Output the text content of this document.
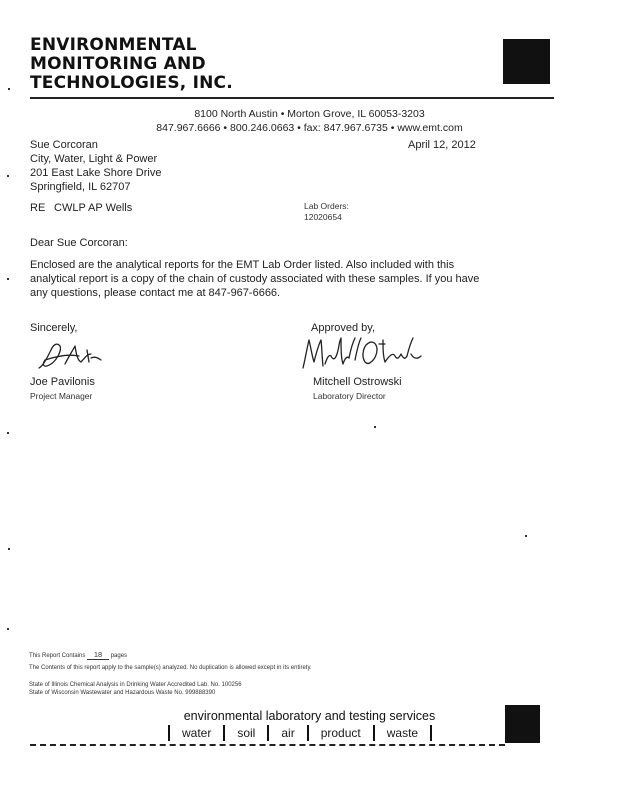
ENVIRONMENTAL
MONITORING AND
TECHNOLOGIES, INC.
8100 North Austin • Morton Grove, IL 60053-3203
847.967.6666 • 800.246.0663 • fax: 847.967.6735 • www.emt.com
Sue Corcoran
City, Water, Light & Power
201 East Lake Shore Drive
Springfield, IL 62707
April 12, 2012
RE CWLP AP Wells	Lab Orders:
12020654
Dear Sue Corcoran:
Enclosed are the analytical reports for the EMT Lab Order listed. Also included with this analytical report is a copy of the chain of custody associated with these samples. If you have any questions, please contact me at 847-967-6666.
Sincerely,	Approved by,
Joe Pavilonis
Project Manager
Mitchell Ostrowski
Laboratory Director
This Report Contains 18 pages
The Contents of this report apply to the sample(s) analyzed. No duplication is allowed except in its entirety.
State of Illinois Chemical Analysis in Drinking Water Accredited Lab. No. 100256
State of Wisconsin Wastewater and Hazardous Waste No. 999888390
environmental laboratory and testing services
water	soil	air	product	waste
